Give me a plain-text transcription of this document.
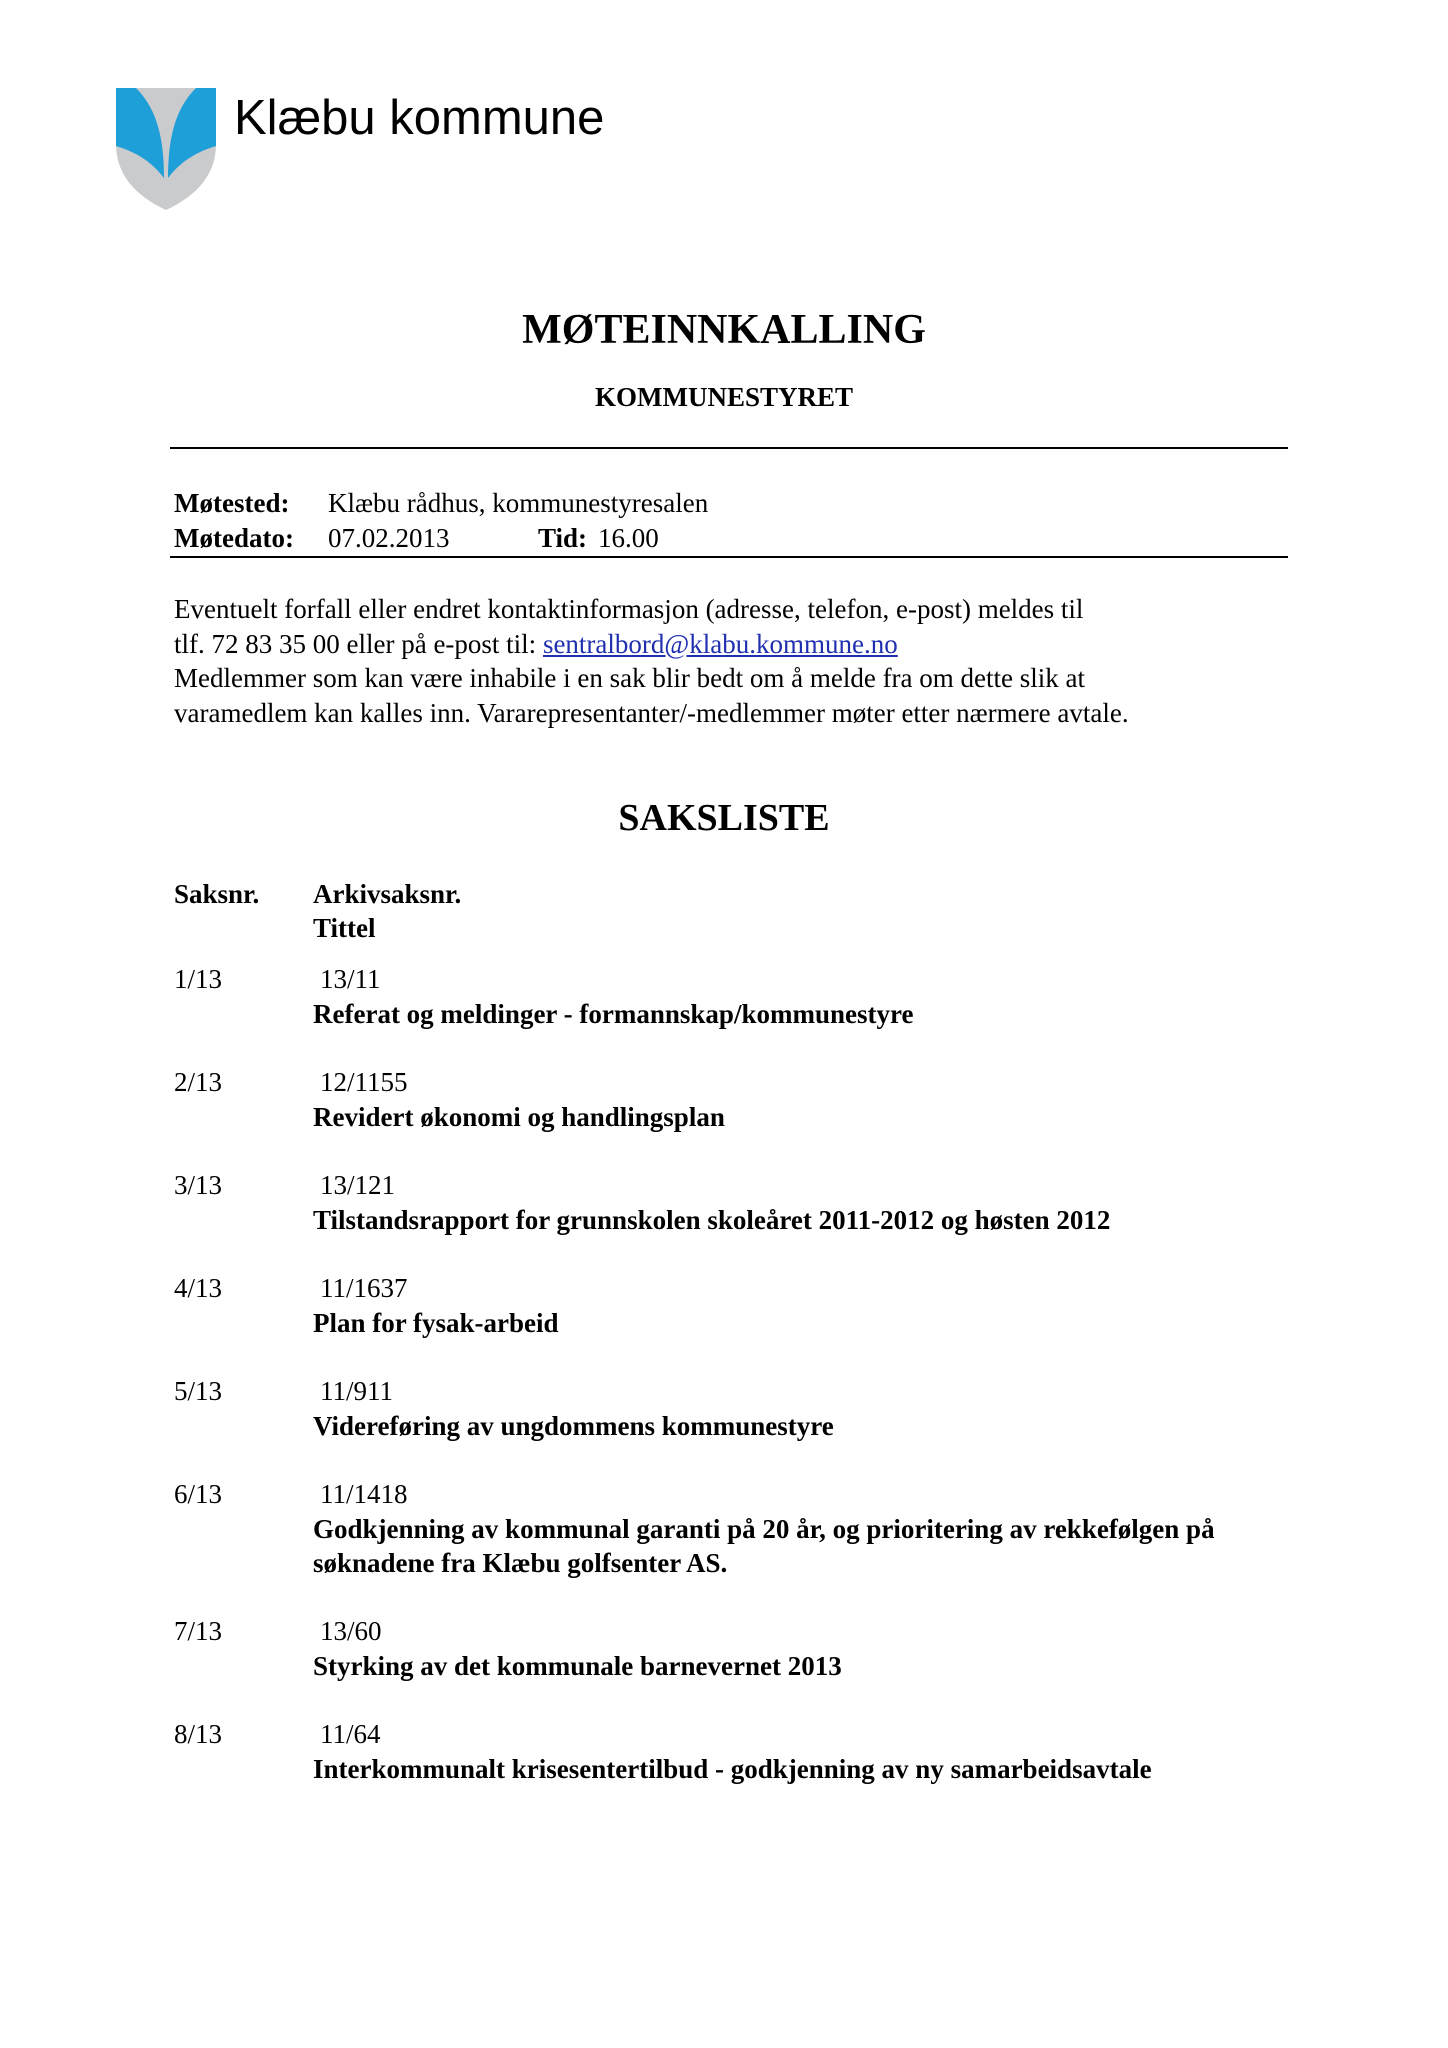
Klæbu kommune
MØTEINNKALLING
KOMMUNESTYRET
Møtested: Klæbu rådhus, kommunestyresalen
Møtedato: 07.02.2013	Tid: 16.00

Eventuelt forfall eller endret kontaktinformasjon (adresse, telefon, e-post) meldes til

tlf. 72 83 35 00 eller på e-post til: sentralbord@klabu.kommune.no

Medlemmer som kan være inhabile i en sak blir bedt om å melde fra om dette slik at

varamedlem kan kalles inn. Vararepresentanter/-medlemmer møter etter nærmere avtale.

SAKSLISTE
Saksnr. Arkivsaksnr.
Tittel
1/13	13/11
Referat og meldinger - formannskap/kommunestyre
2/13	12/1155
Revidert økonomi og handlingsplan
3/13	13/121
Tilstandsrapport for grunnskolen skoleåret 2011-2012 og høsten 2012
4/13	11/1637
Plan for fysak-arbeid
5/13	11/911
Videreføring av ungdommens kommunestyre
6/13	11/1418
Godkjenning av kommunal garanti på 20 år, og prioritering av rekkefølgen på søknadene fra Klæbu golfsenter AS.
7/13	13/60
Styrking av det kommunale barnevernet 2013
8/13	11/64
Interkommunalt krisesentertilbud - godkjenning av ny samarbeidsavtale
